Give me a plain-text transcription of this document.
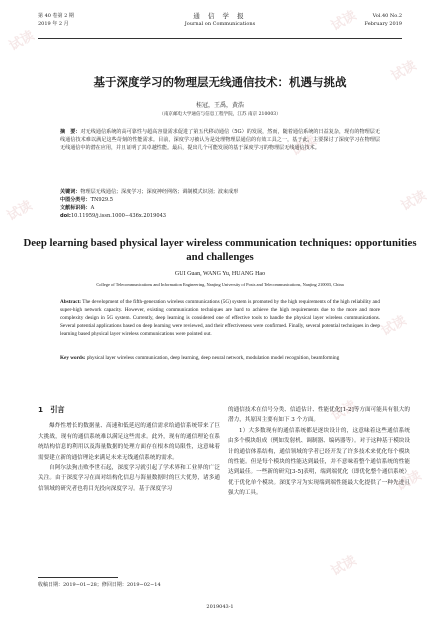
试读
试读
试读
试读
试读
试读
试读
试读
试读
试读
第 40 卷第 2 期
2019 年 2 月
通 信 学 报
Journal on Communications
Vol.40 No.2
February 2019
基于深度学习的物理层无线通信技术：机遇与挑战
桂冠，王禹，黄浩
（南京邮电大学通信与信息工程学院，江苏 南京 210003）
摘　要：对无线通信系统的高可靠性与超高容量需求促进了第五代移动通信（5G）的发展，然而，随着通信系统的日益复杂，现有的物理层无线通信技术难以满足这些苛刻的性能需求。目前，深度学习被认为是处理物理层通信的有效工具之一，基于此，主要探讨了深度学习在物理层无线通信中的潜在应用，并且证明了其卓越性能。最后，提出几个可能发展的基于深度学习的物理层无线通信技术。
关键词：物理层无线通信；深度学习；深度神经网络；调制模式识别；波束成形
中图分类号：TN929.5
文献标识码：A
doi:10.11959/j.issn.1000−436x.2019043
Deep learning based physical layer wireless communication techniques: opportunities and challenges
GUI Guan, WANG Yu, HUANG Hao
College of Telecommunications and Information Engineering, Nanjing University of Posts and Telecommunications, Nanjing 210003, China
Abstract: The development of the fifth-generation wireless communications (5G) system is promoted by the high requirements of the high reliability and super-high network capacity. However, existing communication techniques are hard to achieve the high requirements due to the more and more complexity design in 5G system. Currently, deep learning is considered one of effective tools to handle the physical layer wireless communications. Several potential applications based on deep learning were reviewed, and their effectiveness were confirmed. Finally, several potential techniques in deep learning based physical layer wireless communications were pointed out.
Key words: physical layer wireless communication, deep learning, deep neural network, modulation model recognition, beamforming
1　引言

爆炸性增长的数据量、高速和低延迟的通信需求给通信系统带来了巨大挑战，现有的通信系统难以满足这些需求。此外，现有的通信理论在系统结构信息的利用以及海量数据的处理方面存在根本的局限性，这意味着需要建立新的通信理论来满足未来无线通信系统的需求。

自阿尔法狗击败李世石起，深度学习就引起了学术界和工业界的广泛关注。由于深度学习在面对结构化信息与海量数据时的巨大优势，诸多通信领域的研究者也将目光投向深度学习。基于深度学习

的通信技术在信号分类、信道估计、性能优化[1-2]等方面可能具有很大的潜力，其原因主要有如下 3 个方面。

1）大多数现有的通信系统都是逐块设计的，这意味着这些通信系统由多个模块组成（例如发射机、调制器、编码器等）。对于这种基于模块设计的通信体系结构，通信领域的学者已经开发了许多技术来优化每个模块的性能。但是每个模块的性能达到最佳，并不意味着整个通信系统的性能达到最佳。一些新的研究[3-5]表明，端到端优化（即优化整个通信系统）优于优化单个模块。深度学习为实现端到端性能最大化提供了一种先进且强大的工具。

收稿日期：2019−01−28；修回日期：2019−02−14
2019043-1
